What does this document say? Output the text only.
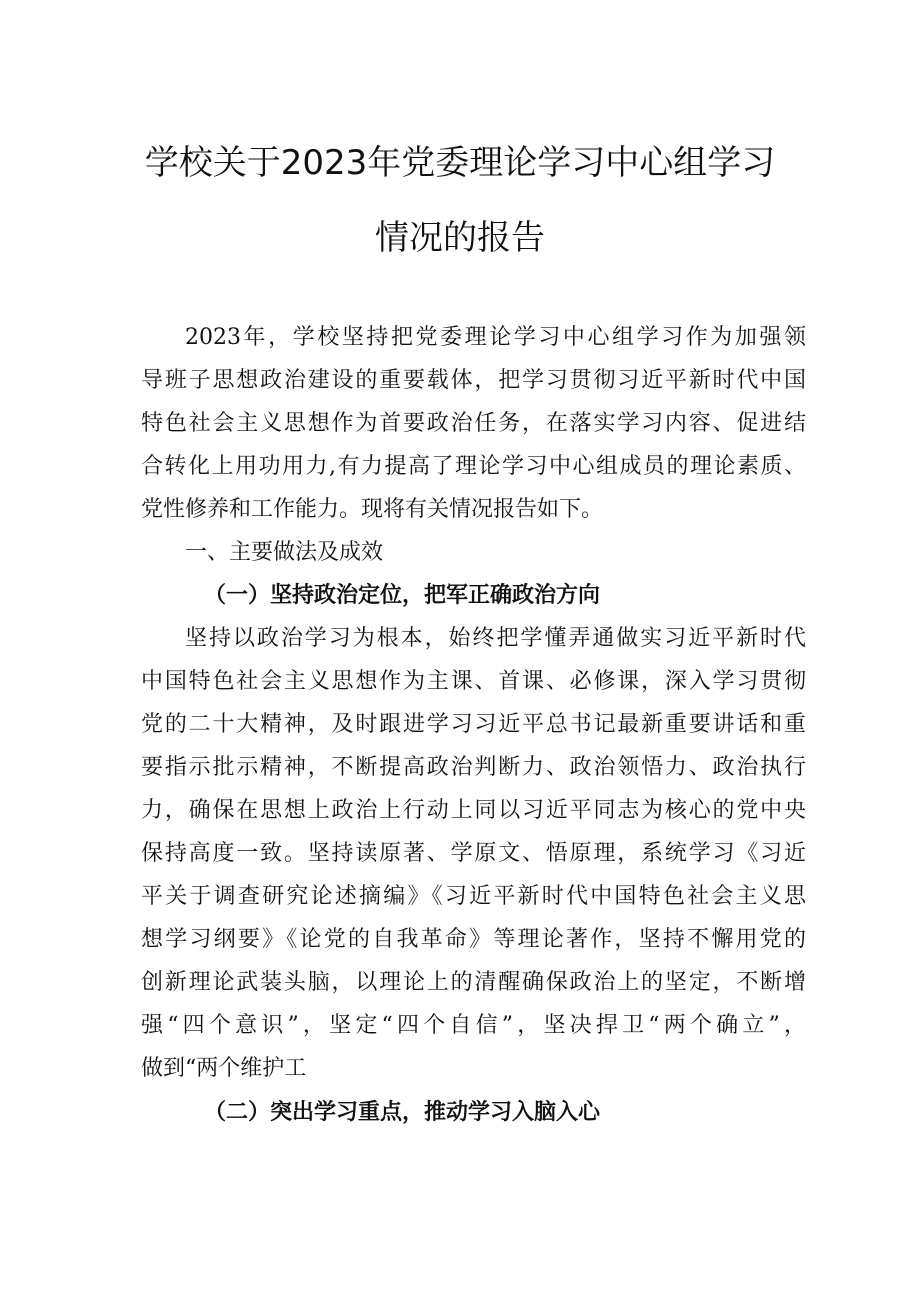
学校关于2023年党委理论学习中心组学习
情况的报告
2023年，学校坚持把党委理论学习中心组学习作为加强领
导班子思想政治建设的重要载体，把学习贯彻习近平新时代中国
特色社会主义思想作为首要政治任务，在落实学习内容、促进结
合转化上用功用力,有力提高了理论学习中心组成员的理论素质、
党性修养和工作能力。现将有关情况报告如下。
一、主要做法及成效
（一）坚持政治定位，把军正确政治方向
坚持以政治学习为根本，始终把学懂弄通做实习近平新时代
中国特色社会主义思想作为主课、首课、必修课，深入学习贯彻
党的二十大精神，及时跟进学习习近平总书记最新重要讲话和重
要指示批示精神，不断提高政治判断力、政治领悟力、政治执行
力，确保在思想上政治上行动上同以习近平同志为核心的党中央
保持高度一致。坚持读原著、学原文、悟原理，系统学习《习近
平关于调查研究论述摘编》《习近平新时代中国特色社会主义思
想学习纲要》《论党的自我革命》等理论著作，坚持不懈用党的
创新理论武装头脑，以理论上的清醒确保政治上的坚定，不断增
强“四个意识”，坚定“四个自信”，坚决捍卫“两个确立”，
做到“两个维护工
（二）突出学习重点，推动学习入脑入心
